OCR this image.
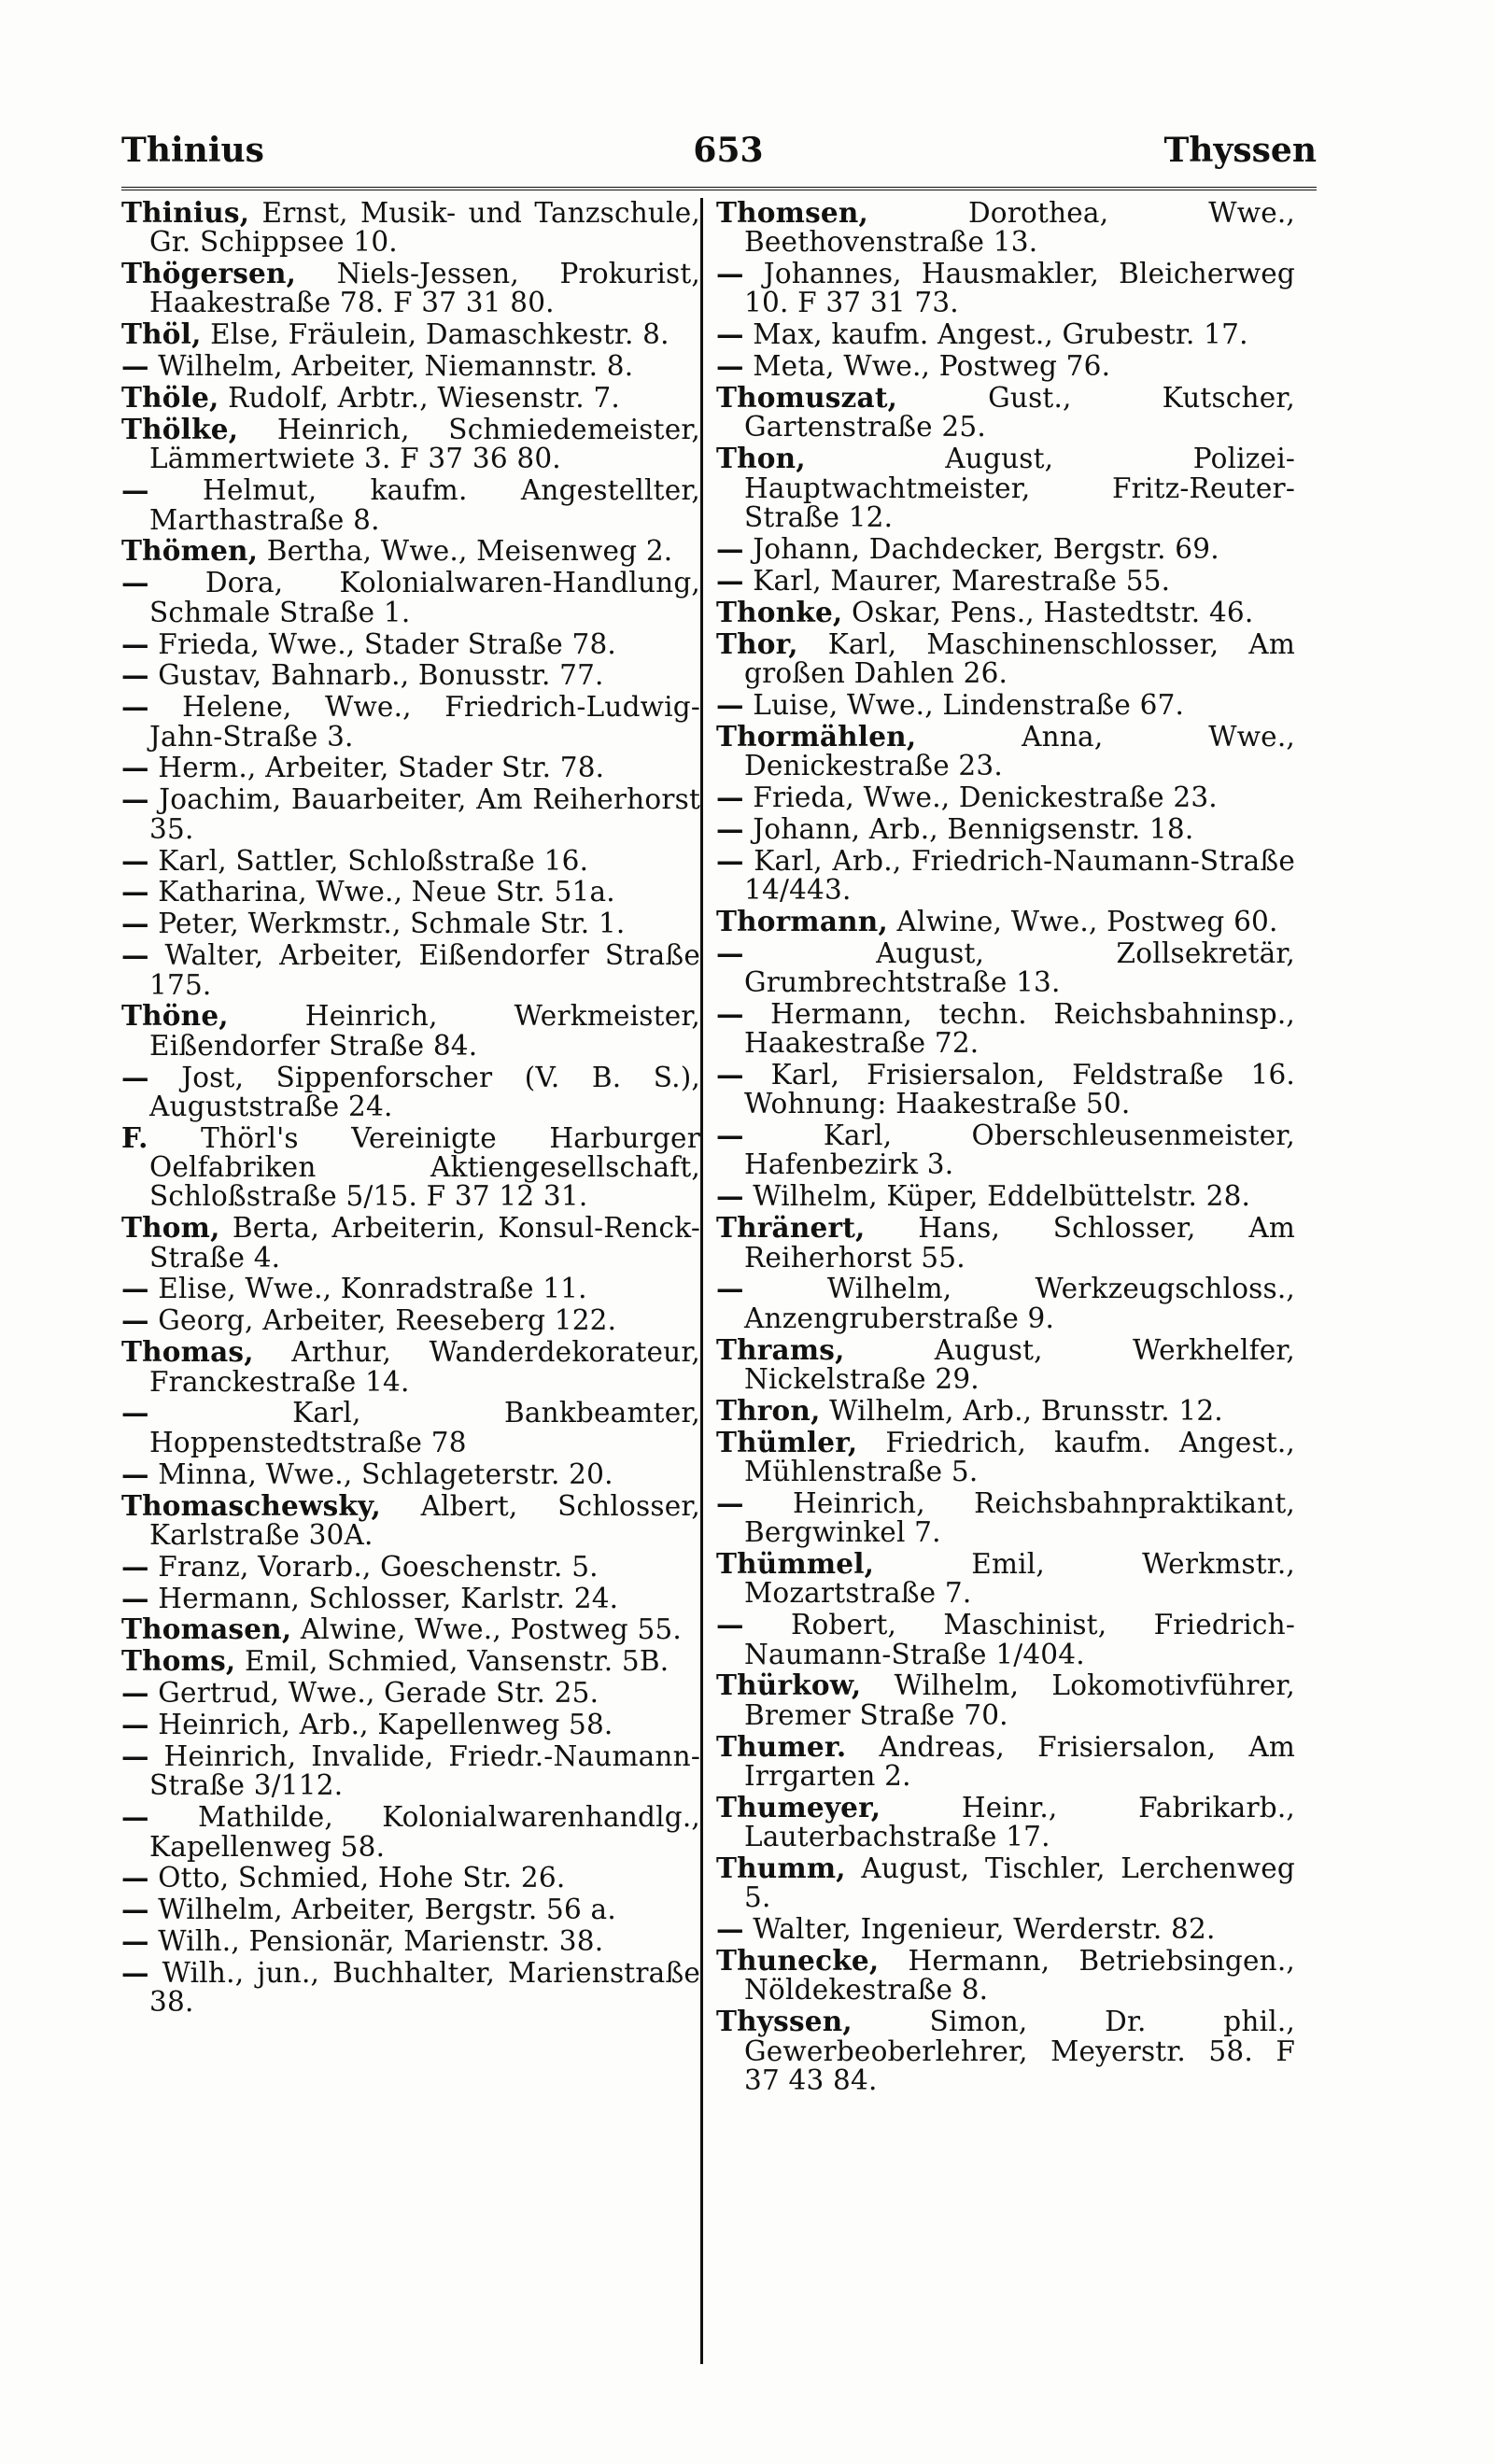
Thinius	653	Thyssen
Thinius, Ernst, Musik- und Tanzschule, Gr. Schippsee 10.
Thögersen, Niels-Jessen, Prokurist, Haakestraße 78. F 37 31 80.
Thöl, Else, Fräulein, Damaschkestr. 8.
— Wilhelm, Arbeiter, Niemannstr. 8.
Thöle, Rudolf, Arbtr., Wiesenstr. 7.
Thölke, Heinrich, Schmiedemeister, Lämmertwiete 3. F 37 36 80.
— Helmut, kaufm. Angestellter, Marthastraße 8.
Thömen, Bertha, Wwe., Meisenweg 2.
— Dora, Kolonialwaren-Handlung, Schmale Straße 1.
— Frieda, Wwe., Stader Straße 78.
— Gustav, Bahnarb., Bonusstr. 77.
— Helene, Wwe., Friedrich-Ludwig-Jahn-Straße 3.
— Herm., Arbeiter, Stader Str. 78.
— Joachim, Bauarbeiter, Am Reiherhorst 35.
— Karl, Sattler, Schloßstraße 16.
— Katharina, Wwe., Neue Str. 51a.
— Peter, Werkmstr., Schmale Str. 1.
— Walter, Arbeiter, Eißendorfer Straße 175.
Thöne,	Heinrich, Werkmeister, Eißendorfer Straße 84.
— Jost, Sippenforscher (V. B. S.), Auguststraße 24.
F. Thörl's Vereinigte Harburger Oelfabriken Aktiengesellschaft, Schloßstraße 5/15. F 37 12 31.
Thom, Berta, Arbeiterin, Konsul-Renck-Straße 4.
— Elise, Wwe., Konradstraße 11.
— Georg, Arbeiter, Reeseberg 122.
Thomas, Arthur, Wanderdekorateur, Franckestraße 14.
—	Karl, Bankbeamter, Hoppenstedtstraße 78
— Minna, Wwe., Schlageterstr. 20.
Thomaschewsky, Albert, Schlosser, Karlstraße 30A.
— Franz, Vorarb., Goeschenstr. 5.
— Hermann, Schlosser, Karlstr. 24.
Thomasen, Alwine, Wwe., Postweg 55.
Thoms, Emil, Schmied, Vansenstr. 5B.
— Gertrud, Wwe., Gerade Str. 25.
— Heinrich, Arb., Kapellenweg 58.
— Heinrich, Invalide, Friedr.-Naumann-Straße 3/112.
— Mathilde, Kolonialwarenhandlg., Kapellenweg 58.
— Otto, Schmied, Hohe Str. 26.
— Wilhelm, Arbeiter, Bergstr. 56 a.
— Wilh., Pensionär, Marienstr. 38.
— Wilh., jun., Buchhalter, Marienstraße 38.
Thomsen,	Dorothea, Wwe., Beethovenstraße 13.
— Johannes, Hausmakler, Bleicherweg 10. F 37 31 73.
— Max, kaufm. Angest., Grubestr. 17.
— Meta, Wwe., Postweg 76.
Thomuszat,	Gust., Kutscher, Gartenstraße 25.
Thon,	August, Polizei-Hauptwachtmeister, Fritz-Reuter-Straße 12.
— Johann, Dachdecker, Bergstr. 69.
— Karl, Maurer, Marestraße 55.
Thonke, Oskar, Pens., Hastedtstr. 46.
Thor, Karl, Maschinenschlosser, Am großen Dahlen 26.
— Luise, Wwe., Lindenstraße 67.
Thormählen,	Anna, Wwe., Denickestraße 23.
— Frieda, Wwe., Denickestraße 23.
— Johann, Arb., Bennigsenstr. 18.
— Karl, Arb., Friedrich-Naumann-Straße 14/443.
Thormann, Alwine, Wwe., Postweg 60.
—	August, Zollsekretär, Grumbrechtstraße 13.
— Hermann, techn. Reichsbahninsp., Haakestraße 72.
— Karl, Frisiersalon, Feldstraße 16. Wohnung: Haakestraße 50.
—	Karl, Oberschleusenmeister, Hafenbezirk 3.
— Wilhelm, Küper, Eddelbüttelstr. 28.
Thränert, Hans, Schlosser, Am Reiherhorst 55.
—	Wilhelm, Werkzeugschloss., Anzengruberstraße 9.
Thrams,	August, Werkhelfer, Nickelstraße 29.
Thron, Wilhelm, Arb., Brunsstr. 12.
Thümler, Friedrich, kaufm. Angest., Mühlenstraße 5.
— Heinrich, Reichsbahnpraktikant, Bergwinkel 7.
Thümmel,	Emil, Werkmstr., Mozartstraße 7.
— Robert, Maschinist, Friedrich-Naumann-Straße 1/404.
Thürkow, Wilhelm, Lokomotivführer, Bremer Straße 70.
Thumer. Andreas, Frisiersalon, Am Irrgarten 2.
Thumeyer,	Heinr., Fabrikarb., Lauterbachstraße 17.
Thumm, August, Tischler, Lerchenweg 5.
— Walter, Ingenieur, Werderstr. 82.
Thunecke, Hermann, Betriebsingen., Nöldekestraße 8.
Thyssen,	Simon, Dr. phil., Gewerbeoberlehrer, Meyerstr. 58. F 37 43 84.
